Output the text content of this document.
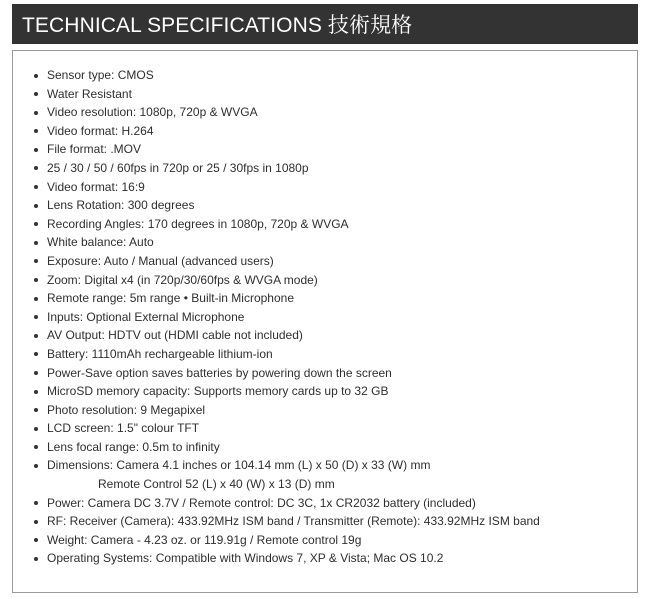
TECHNICAL SPECIFICATIONS 技術規格
Sensor type: CMOS
Water Resistant
Video resolution: 1080p, 720p & WVGA
Video format: H.264
File format: .MOV
25 / 30 / 50 / 60fps in 720p or 25 / 30fps in 1080p
Video format: 16:9
Lens Rotation: 300 degrees
Recording Angles: 170 degrees in 1080p, 720p & WVGA
White balance: Auto
Exposure: Auto / Manual (advanced users)
Zoom: Digital x4 (in 720p/30/60fps & WVGA mode)
Remote range: 5m range • Built-in Microphone
Inputs: Optional External Microphone
AV Output: HDTV out (HDMI cable not included)
Battery: 1110mAh rechargeable lithium-ion
Power-Save option saves batteries by powering down the screen
MicroSD memory capacity: Supports memory cards up to 32 GB
Photo resolution: 9 Megapixel
LCD screen: 1.5" colour TFT
Lens focal range: 0.5m to infinity
Dimensions: Camera 4.1 inches or 104.14 mm (L) x 50 (D) x 33 (W) mm
Remote Control 52 (L) x 40 (W) x 13 (D) mm
Power: Camera DC 3.7V / Remote control: DC 3C, 1x CR2032 battery (included)
RF: Receiver (Camera): 433.92MHz ISM band / Transmitter (Remote): 433.92MHz ISM band
Weight: Camera - 4.23 oz. or 119.91g / Remote control 19g
Operating Systems: Compatible with Windows 7, XP & Vista; Mac OS 10.2
